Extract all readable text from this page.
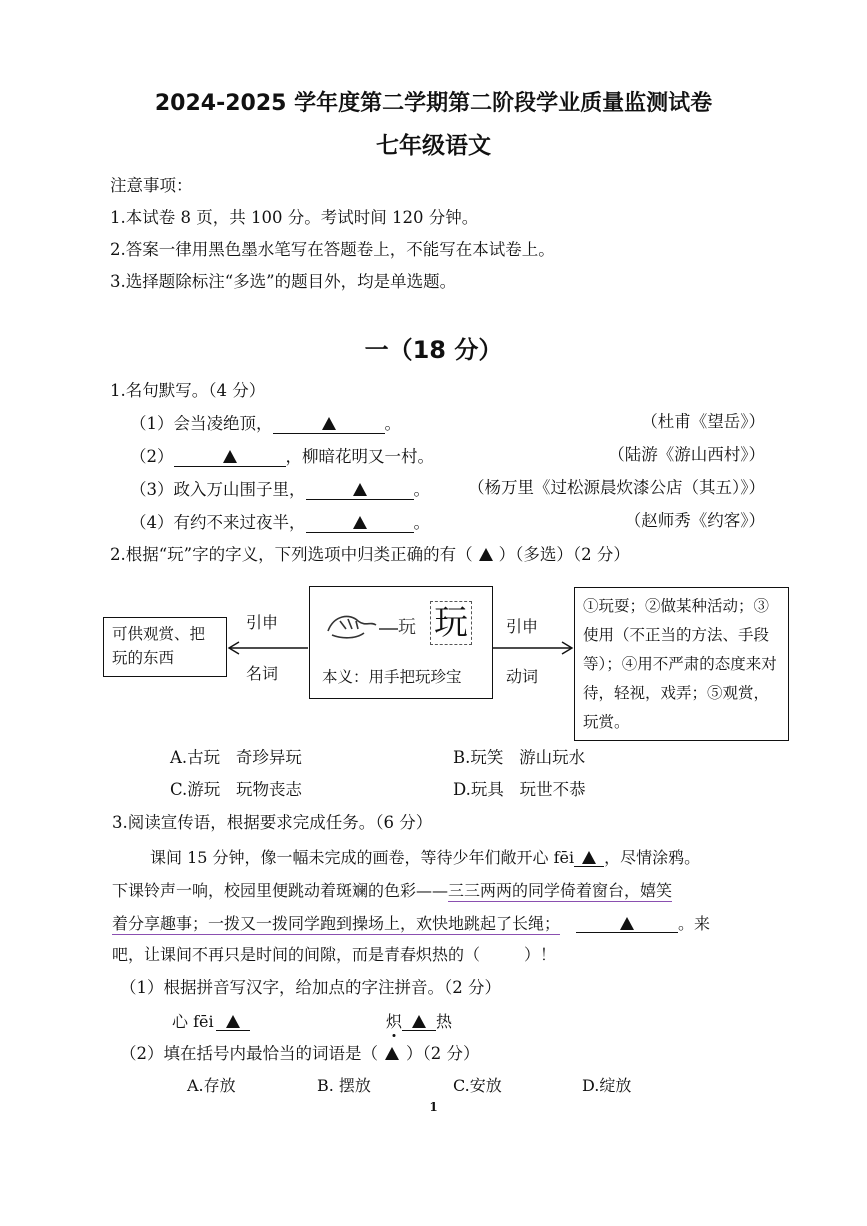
2024-2025 学年度第二学期第二阶段学业质量监测试卷
七年级语文
注意事项：
1.本试卷 8 页，共 100 分。考试时间 120 分钟。
2.答案一律用黑色墨水笔写在答题卷上，不能写在本试卷上。
3.选择题除标注“多选”的题目外，均是单选题。
一（18 分）
1.名句默写。（4 分）
（1）会当凌绝顶，	。	（杜甫《望岳》）
（2）	，柳暗花明又一村。	（陆游《游山西村》）
（3）政入万山围子里，	。 （杨万里《过松源晨炊漆公店（其五）》）
（4）有约不来过夜半，	。	（赵师秀《约客》）
2.根据“玩”字的字义，下列选项中归类正确的有（ ）（多选）（2 分）
可供观赏、把玩的东西
引申
名词
玩 玩
本义：用手把玩珍宝
引申
动词
①玩耍；②做某种活动；③使用（不正当的方法、手段等）；④用不严肃的态度来对待，轻视，戏弄；⑤观赏，玩赏。
A.古玩 奇珍异玩	B.玩笑 游山玩水
C.游玩 玩物丧志	D.玩具 玩世不恭
3.阅读宣传语，根据要求完成任务。（6 分）
课间 15 分钟，像一幅未完成的画卷，等待少年们敞开心 fēi ，尽情涂鸦。
下课铃声一响，校园里便跳动着斑斓的色彩——三三两两的同学倚着窗台，嬉笑
着分享趣事；一拨又一拨同学跑到操场上，欢快地跳起了长绳；	。来
吧，让课间不再只是时间的间隙，而是青春炽热的（	）！
（1）根据拼音写汉字，给加点的字注拼音。（2 分）
心 fēi	炽 热
（2）填在括号内最恰当的词语是（ ）（2 分）
A.存放	B. 摆放	C.安放	D.绽放
1
